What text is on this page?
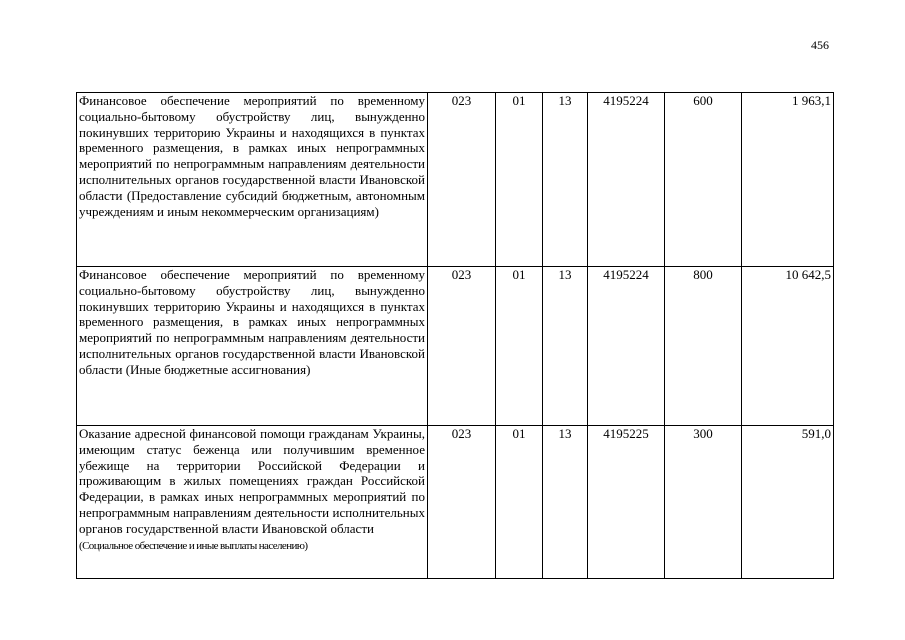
456
Финансовое обеспечение мероприятий по временному социально-бытовому обустройству лиц, вынужденно покинувших территорию Украины и находящихся в пунктах временного размещения, в рамках иных непрограммных мероприятий по непрограммным направлениям деятельности исполнительных органов государственной власти Ивановской области (Предоставление субсидий бюджетным, автономным учреждениям и иным некоммерческим организациям)	023	01	13	4195224	600	1 963,1
Финансовое обеспечение мероприятий по временному социально-бытовому обустройству лиц, вынужденно покинувших территорию Украины и находящихся в пунктах временного размещения, в рамках иных непрограммных мероприятий по непрограммным направлениям деятельности исполнительных органов государственной власти Ивановской области (Иные бюджетные ассигнования)	023	01	13	4195224	800	10 642,5
Оказание адресной финансовой помощи гражданам Украины, имеющим статус беженца или получившим временное убежище на территории Российской Федерации и проживающим в жилых помещениях граждан Российской Федерации, в рамках иных непрограммных мероприятий по непрограммным направлениям деятельности исполнительных органов государственной власти Ивановской области
(Социальное обеспечение и иные выплаты населению)	023	01	13	4195225	300	591,0
